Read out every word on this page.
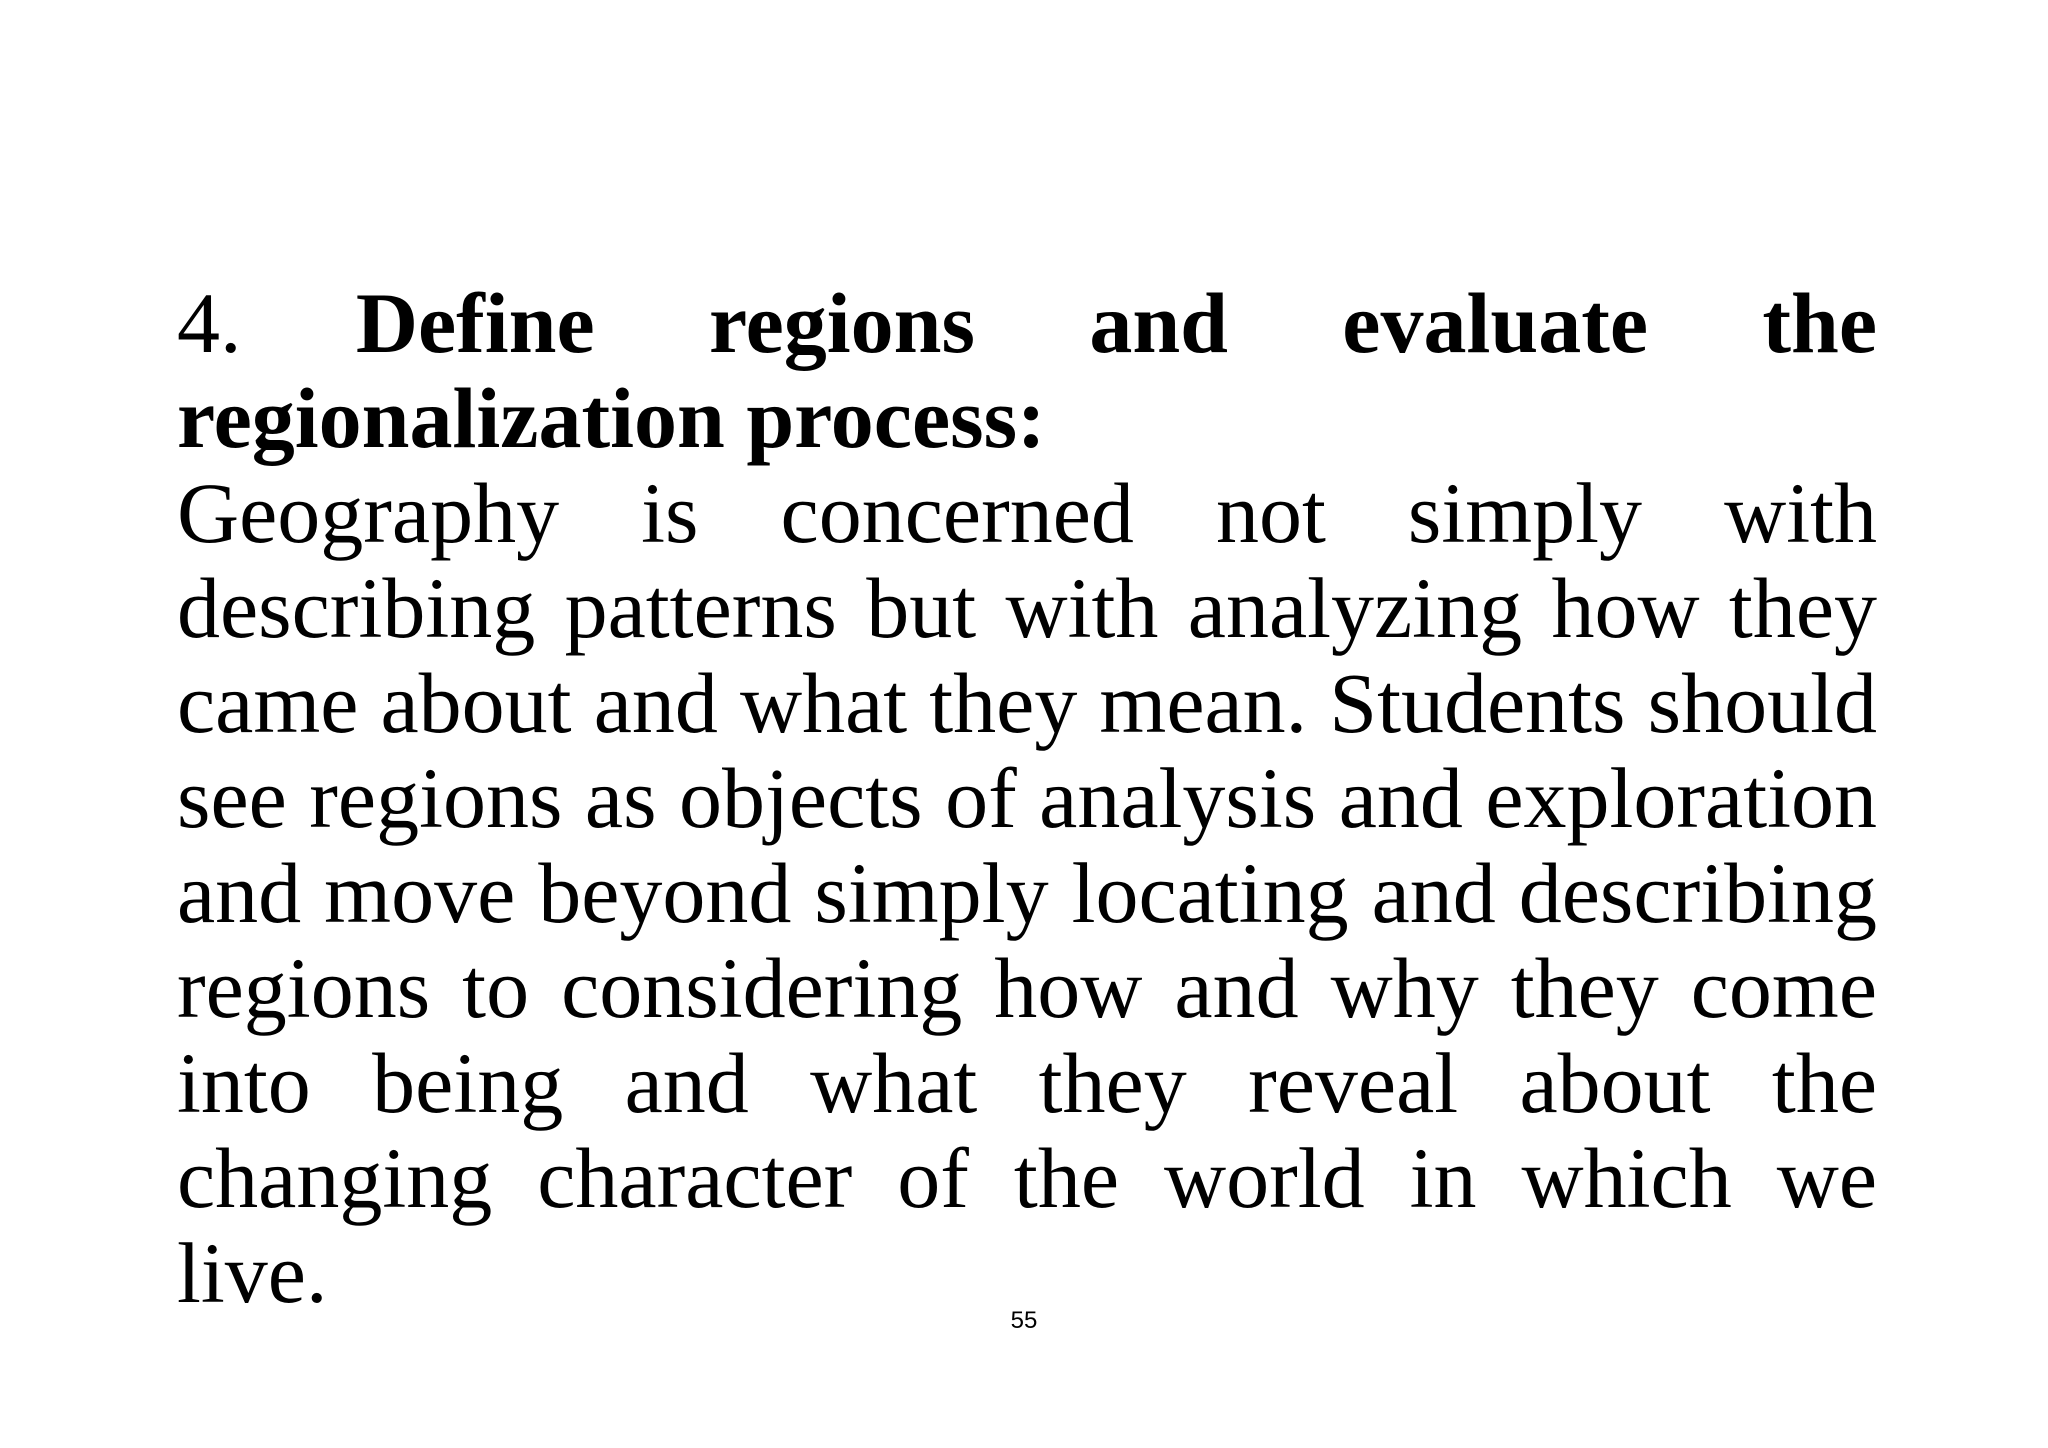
4. Define regions and evaluate the regionalization process:

Geography is concerned not simply with describing patterns but with analyzing how they came about and what they mean. Students should see regions as objects of analysis and exploration and move beyond simply locating and describing regions to considering how and why they come into being and what they reveal about the changing character of the world in which we live.	55
